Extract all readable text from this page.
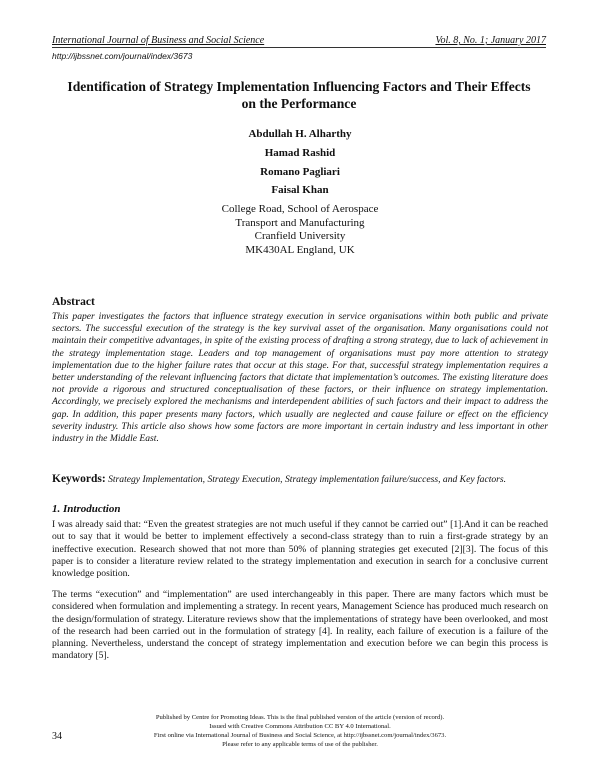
International Journal of Business and Social Science	Vol. 8, No. 1; January 2017
http://ijbssnet.com/journal/index/3673
Identification of Strategy Implementation Influencing Factors and Their Effects on the Performance
Abdullah H. Alharthy
Hamad Rashid
Romano Pagliari
Faisal Khan
College Road, School of Aerospace
Transport and Manufacturing
Cranfield University
MK430AL England, UK
Abstract
This paper investigates the factors that influence strategy execution in service organisations within both public and private sectors. The successful execution of the strategy is the key survival asset of the organisation. Many organisations could not maintain their competitive advantages, in spite of the existing process of drafting a strong strategy, due to lack of achievement in the strategy implementation stage. Leaders and top management of organisations must pay more attention to strategy implementation due to the higher failure rates that occur at this stage. For that, successful strategy implementation requires a better understanding of the relevant influencing factors that dictate that implementation’s outcomes. The existing literature does not provide a rigorous and structured conceptualisation of these factors, or their influence on strategy implementation. Accordingly, we precisely explored the mechanisms and interdependent abilities of such factors and their impact to address the gap. In addition, this paper presents many factors, which usually are neglected and cause failure or effect on the efficiency severity industry. This article also shows how some factors are more important in certain industry and less important in other industry in the Middle East.
Keywords: Strategy Implementation, Strategy Execution, Strategy implementation failure/success, and Key factors.
1. Introduction
I was already said that: “Even the greatest strategies are not much useful if they cannot be carried out” [1].And it can be reached out to say that it would be better to implement effectively a second-class strategy than to ruin a first-grade strategy by an ineffective execution. Research showed that not more than 50% of planning strategies get executed [2][3]. The focus of this paper is to consider a literature review related to the strategy implementation and execution in search for a conclusive current knowledge position.
The terms “execution” and “implementation” are used interchangeably in this paper. There are many factors which must be considered when formulation and implementing a strategy. In recent years, Management Science has produced much research on the design/formulation of strategy. Literature reviews show that the implementations of strategy have been overlooked, and most of the research had been carried out in the formulation of strategy [4]. In reality, each failure of execution is a failure of the planning. Nevertheless, understand the concept of strategy implementation and execution before we can begin this process is mandatory [5].
Published by Centre for Promoting Ideas. This is the final published version of the article (version of record).
Issued with Creative Commons Attribution CC BY 4.0 International.
First online via International Journal of Business and Social Science, at http://ijbssnet.com/journal/index/3673.
Please refer to any applicable terms of use of the publisher.
34
